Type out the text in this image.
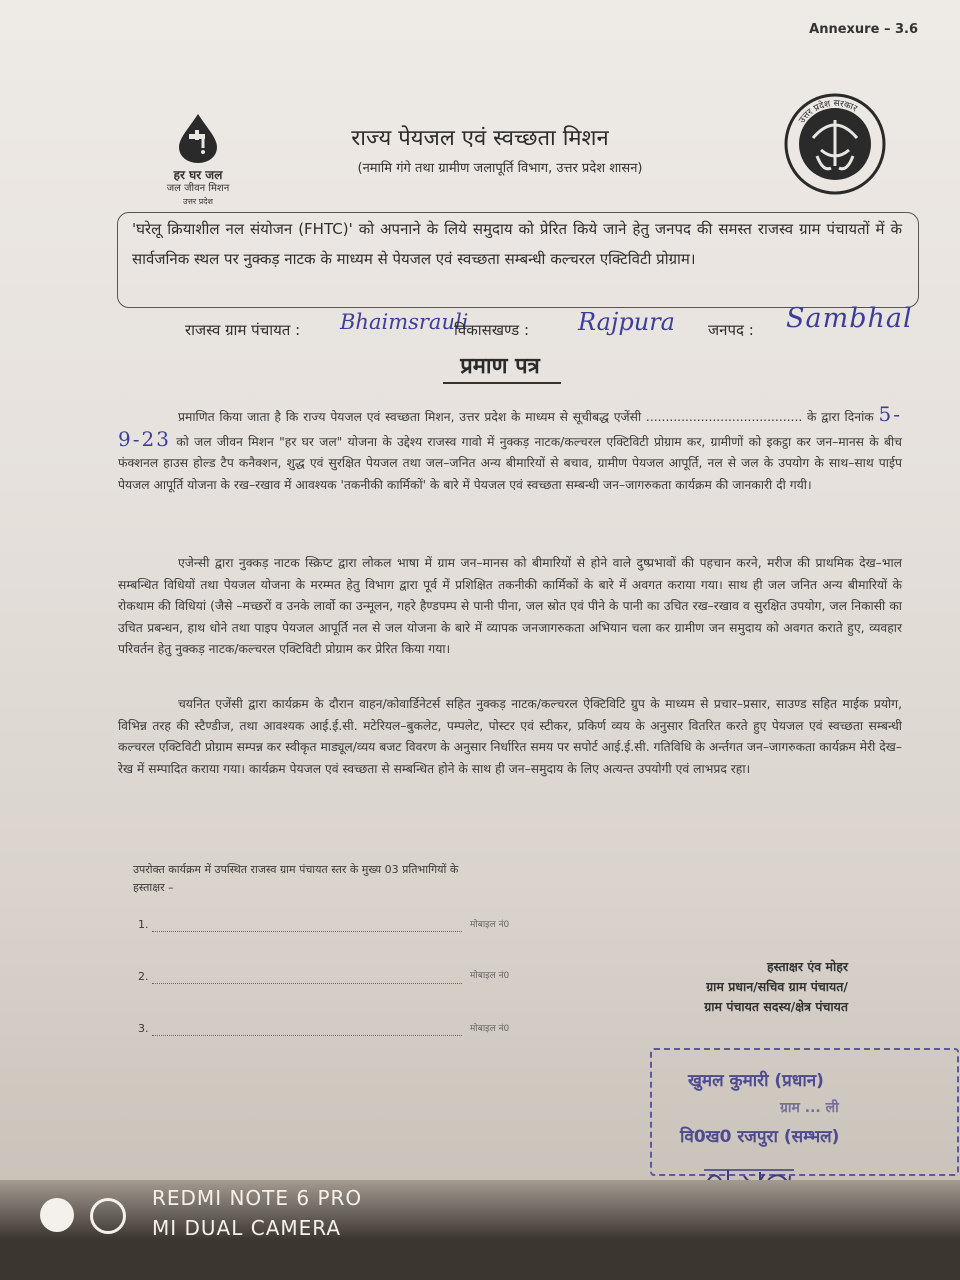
Annexure – 3.6
हर घर जल
जल जीवन मिशन
उत्तर प्रदेश
उत्तर प्रदेश सरकार
राज्य पेयजल एवं स्वच्छता मिशन
(नमामि गंगे तथा ग्रामीण जलापूर्ति विभाग, उत्तर प्रदेश शासन)
'घरेलू क्रियाशील नल संयोजन (FHTC)' को अपनाने के लिये समुदाय को प्रेरित किये जाने हेतु जनपद की समस्त राजस्व ग्राम पंचायतों में के सार्वजनिक स्थल पर नुक्कड़ नाटक के माध्यम से पेयजल एवं स्वच्छता सम्बन्धी कल्चरल एक्टिविटी प्रोग्राम।
राजस्व ग्राम पंचायत : Bhaimsrauli
विकासखण्ड : Rajpura जनपद : Sambhal
प्रमाण पत्र
प्रमाणित किया जाता है कि राज्य पेयजल एवं स्वच्छता मिशन, उत्तर प्रदेश के माध्यम से सूचीबद्ध एजेंसी ........................................ के द्वारा दिनांक 5-9-23 को जल जीवन मिशन "हर घर जल" योजना के उद्देश्य राजस्व गावो में नुक्कड़ नाटक/कल्चरल एक्टिविटी प्रोग्राम कर, ग्रामीणों को इकट्ठा कर जन–मानस के बीच फंक्शनल हाउस होल्ड टैप कनैक्शन, शुद्ध एवं सुरक्षित पेयजल तथा जल–जनित अन्य बीमारियों से बचाव, ग्रामीण पेयजल आपूर्ति, नल से जल के उपयोग के साथ–साथ पाईप पेयजल आपूर्ति योजना के रख–रखाव में आवश्यक 'तकनीकी कार्मिकों' के बारे में पेयजल एवं स्वच्छता सम्बन्धी जन–जागरुकता कार्यक्रम की जानकारी दी गयी।
एजेन्सी द्वारा नुक्कड़ नाटक स्क्रिप्ट द्वारा लोकल भाषा में ग्राम जन–मानस को बीमारियों से होने वाले दुष्प्रभावों की पहचान करने, मरीज की प्राथमिक देख–भाल सम्बन्धित विधियों तथा पेयजल योजना के मरम्मत हेतु विभाग द्वारा पूर्व में प्रशिक्षित तकनीकी कार्मिकों के बारे में अवगत कराया गया। साथ ही जल जनित अन्य बीमारियों के रोकथाम की विधियां (जैसे –मच्छरों व उनके लार्वो का उन्मूलन, गहरे हैण्डपम्प से पानी पीना, जल स्रोत एवं पीने के पानी का उचित रख–रखाव व सुरक्षित उपयोग, जल निकासी का उचित प्रबन्धन, हाथ धोने तथा पाइप पेयजल आपूर्ति नल से जल योजना के बारे में व्यापक जनजागरुकता अभियान चला कर ग्रामीण जन समुदाय को अवगत कराते हुए, व्यवहार परिवर्तन हेतु नुक्कड़ नाटक/कल्चरल एक्टिविटी प्रोग्राम कर प्रेरित किया गया।
चयनित एजेंसी द्वारा कार्यक्रम के दौरान वाहन/कोवार्डिनेटर्स सहित नुक्कड़ नाटक/कल्चरल ऐक्टिविटि ग्रुप के माध्यम से प्रचार–प्रसार, साउण्ड सहित माईक प्रयोग, विभिन्न तरह की स्टैण्डीज, तथा आवश्यक आई.ई.सी. मटेरियल–बुकलेट, पम्पलेट, पोस्टर एवं स्टीकर, प्रकिर्ण व्यय के अनुसार वितरित करते हुए पेयजल एवं स्वच्छता सम्बन्धी कल्चरल एक्टिविटी प्रोग्राम सम्पन्न कर स्वीकृत माड्यूल/व्यय बजट विवरण के अनुसार निर्धारित समय पर सपोर्ट आई.ई.सी. गतिविधि के अर्न्तगत जन–जागरुकता कार्यक्रम मेरी देख–रेख में सम्पादित कराया गया। कार्यक्रम पेयजल एवं स्वच्छता से सम्बन्धित होने के साथ ही जन–समुदाय के लिए अत्यन्त उपयोगी एवं लाभप्रद रहा।
उपरोक्त कार्यक्रम में उपस्थित राजस्व ग्राम पंचायत स्तर के मुख्य 03 प्रतिभागियों के
हस्ताक्षर –
1.	मोबाइल नं0
2.	मोबाइल नं0
3.	मोबाइल नं0
हस्ताक्षर एंव मोहर
ग्राम प्रधान/सचिव ग्राम पंचायत/
ग्राम पंचायत सदस्य/क्षेत्र पंचायत
खुमल कुमारी (प्रधान)
ग्राम ... ली
वि0ख0 रजपुरा (सम्भल)
REDMI NOTE 6 PRO
MI DUAL CAMERA
